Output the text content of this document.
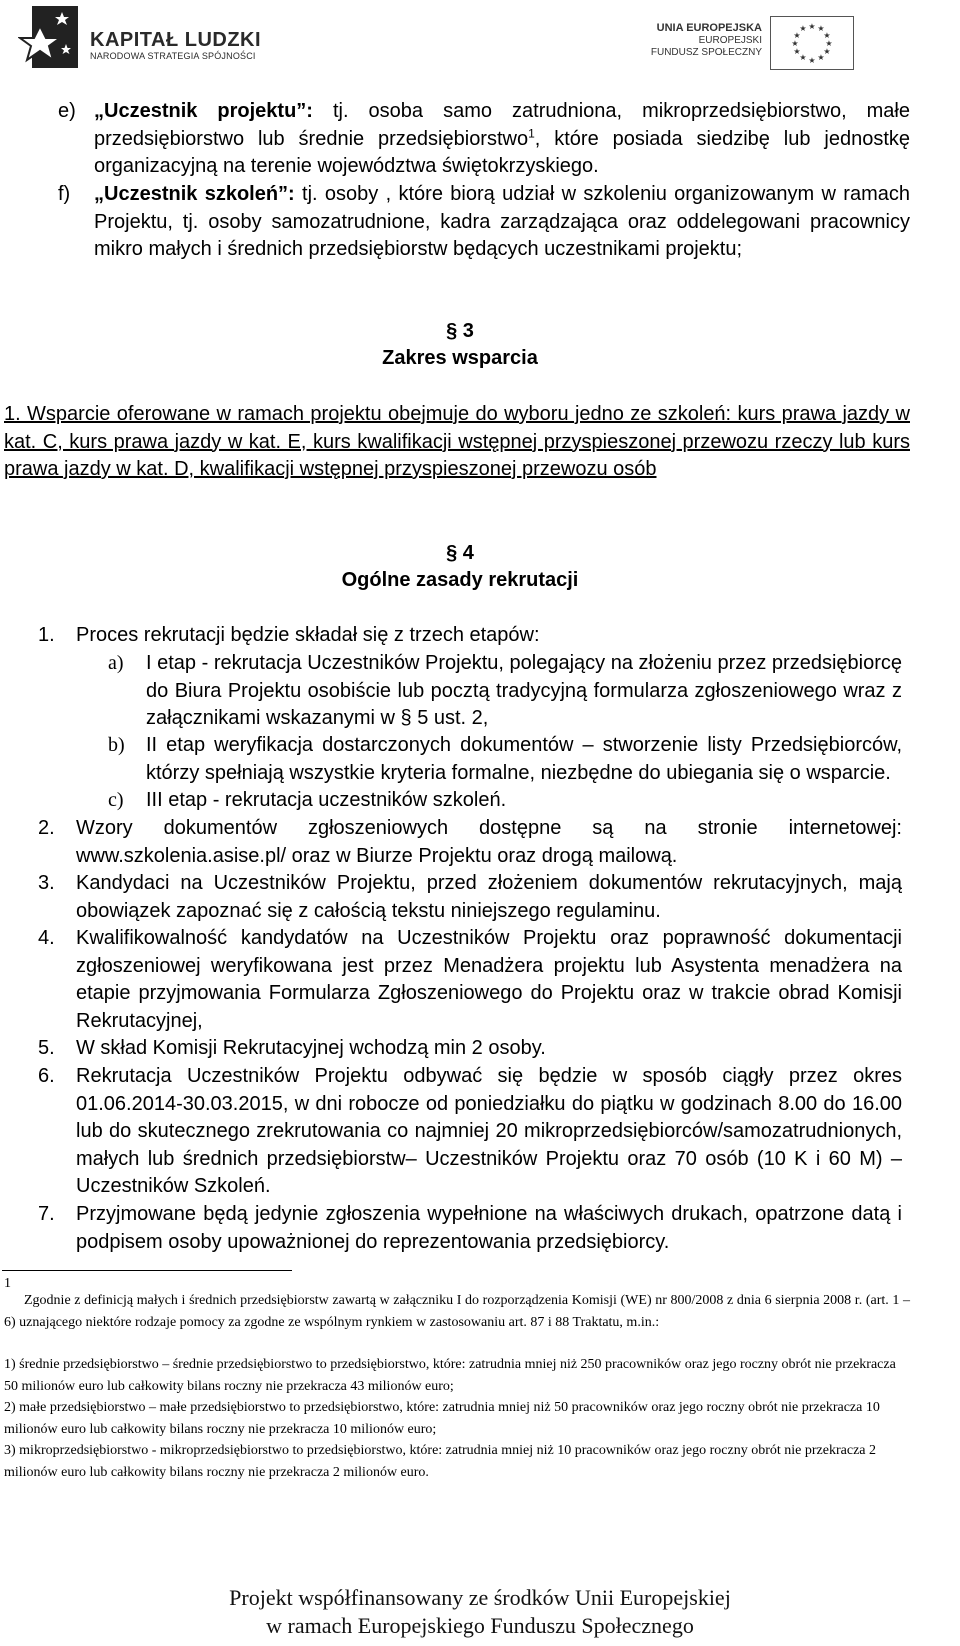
KAPITAŁ LUDZKI
NARODOWA STRATEGIA SPÓJNOŚCI
UNIA EUROPEJSKA
EUROPEJSKI
FUNDUSZ SPOŁECZNY
★ ★
★
★
★
★
★
★
★
★
★
★
e) „Uczestnik projektu”: tj. osoba samo zatrudniona, mikroprzedsiębiorstwo, małe przedsiębiorstwo lub średnie przedsiębiorstwo$^1$, które posiada siedzibę lub jednostkę organizacyjną na terenie województwa świętokrzyskiego.
f) „Uczestnik szkoleń”: tj. osoby , które biorą udział w szkoleniu organizowanym w ramach Projektu, tj. osoby samozatrudnione, kadra zarządzająca oraz oddelegowani pracownicy mikro małych i średnich przedsiębiorstw będących uczestnikami projektu;
§ 3
Zakres wsparcia
1. Wsparcie oferowane w ramach projektu obejmuje do wyboru jedno ze szkoleń: kurs prawa jazdy w kat. C, kurs prawa jazdy w kat. E, kurs kwalifikacji wstępnej przyspieszonej przewozu rzeczy lub kurs prawa jazdy w kat. D, kwalifikacji wstępnej przyspieszonej przewozu osób
§ 4
Ogólne zasady rekrutacji
1. Proces rekrutacji będzie składał się z trzech etapów:
a) I etap - rekrutacja Uczestników Projektu, polegający na złożeniu przez przedsiębiorcę do Biura Projektu osobiście lub pocztą tradycyjną formularza zgłoszeniowego wraz z załącznikami wskazanymi w § 5 ust. 2,
b) II etap weryfikacja dostarczonych dokumentów – stworzenie listy Przedsiębiorców, którzy spełniają wszystkie kryteria formalne, niezbędne do ubiegania się o wsparcie.
c) III etap - rekrutacja uczestników szkoleń.
2. Wzory dokumentów zgłoszeniowych dostępne są na stronie internetowej: www.szkolenia.asise.pl/ oraz w Biurze Projektu oraz drogą mailową.
3. Kandydaci na Uczestników Projektu, przed złożeniem dokumentów rekrutacyjnych, mają obowiązek zapoznać się z całością tekstu niniejszego regulaminu.
4. Kwalifikowalność kandydatów na Uczestników Projektu oraz poprawność dokumentacji zgłoszeniowej weryfikowana jest przez Menadżera projektu lub Asystenta menadżera na etapie przyjmowania Formularza Zgłoszeniowego do Projektu oraz w trakcie obrad Komisji Rekrutacyjnej,
5. W skład Komisji Rekrutacyjnej wchodzą min 2 osoby.
6. Rekrutacja Uczestników Projektu odbywać się będzie w sposób ciągły przez okres 01.06.2014-30.03.2015, w dni robocze od poniedziałku do piątku w godzinach 8.00 do 16.00 lub do skutecznego zrekrutowania co najmniej 20 mikroprzedsiębiorców/samozatrudnionych, małych lub średnich przedsiębiorstw– Uczestników Projektu oraz 70 osób (10 K i 60 M) – Uczestników Szkoleń.
7. Przyjmowane będą jedynie zgłoszenia wypełnione na właściwych drukach, opatrzone datą i podpisem osoby upoważnionej do reprezentowania przedsiębiorcy.
1
Zgodnie z definicją małych i średnich przedsiębiorstw zawartą w załączniku I do rozporządzenia Komisji (WE) nr 800/2008 z dnia 6 sierpnia 2008 r. (art. 1 – 6) uznającego niektóre rodzaje pomocy za zgodne ze wspólnym rynkiem w zastosowaniu art. 87 i 88 Traktatu, m.in.:
1) średnie przedsiębiorstwo – średnie przedsiębiorstwo to przedsiębiorstwo, które: zatrudnia mniej niż 250 pracowników oraz jego roczny obrót nie przekracza 50 milionów euro lub całkowity bilans roczny nie przekracza 43 milionów euro;
2) małe przedsiębiorstwo – małe przedsiębiorstwo to przedsiębiorstwo, które: zatrudnia mniej niż 50 pracowników oraz jego roczny obrót nie przekracza 10 milionów euro lub całkowity bilans roczny nie przekracza 10 milionów euro;
3) mikroprzedsiębiorstwo - mikroprzedsiębiorstwo to przedsiębiorstwo, które: zatrudnia mniej niż 10 pracowników oraz jego roczny obrót nie przekracza 2 milionów euro lub całkowity bilans roczny nie przekracza 2 milionów euro.
Projekt współfinansowany ze środków Unii Europejskiej
w ramach Europejskiego Funduszu Społecznego
